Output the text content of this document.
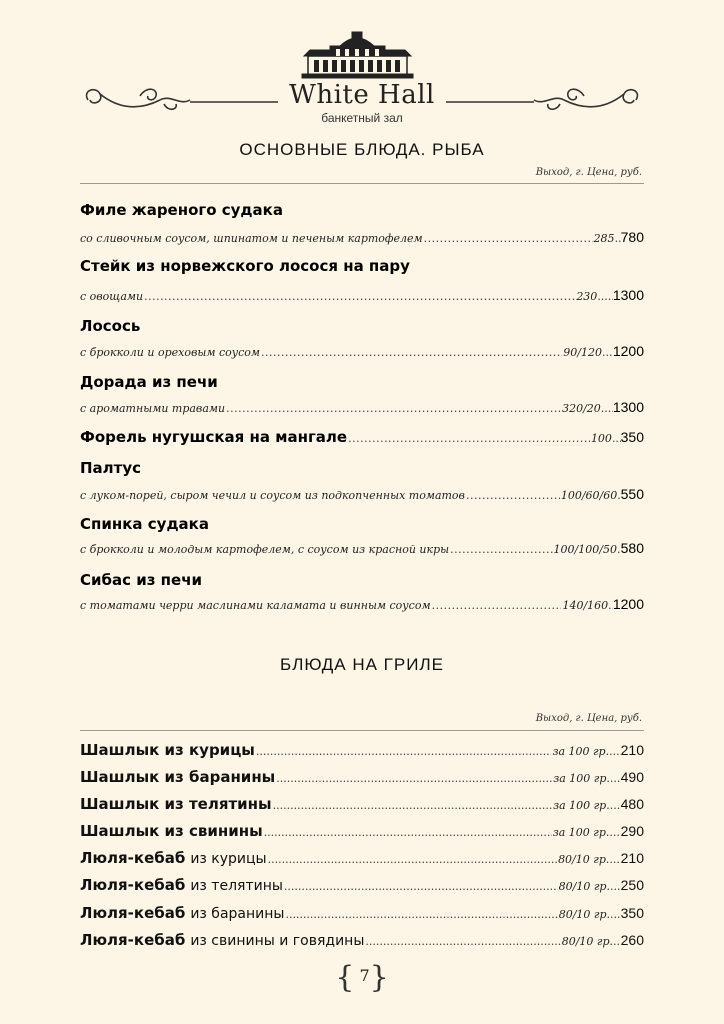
White Hall
банкетный зал
ОСНОВНЫЕ БЛЮДА. РЫБА
Выход, г. Цена, руб.
Филе жареного судака
со сливочным соусом, шпинатом и печеным картофелем .....	285 ..... 780
Стейк из норвежского лосося на пару
с овощами .....	230 ..... 1300
Лосось
с брокколи и ореховым соусом .....	90/120 ..... 1200
Дорада из печи
с ароматными травами .....	320/20 ..... 1300
Форель нугушская на мангале .....	100 ..... 350
Палтус
с луком-порей, сыром чечил и соусом из подкопченных томатов .....	100/60/60 ..... 550
Спинка судака
с брокколи и молодым картофелем, с соусом из красной икры .....	100/100/50 ..... 580
Сибас из печи
с томатами черри маслинами каламата и винным соусом .....	140/160 ..... 1200
БЛЮДА НА ГРИЛЕ
Выход, г. Цена, руб.
Шашлык из курицы .....	за 100 гр. ..... 210
Шашлык из баранины .....	за 100 гр. ..... 490
Шашлык из телятины .....	за 100 гр. ..... 480
Шашлык из свинины .....	за 100 гр. ..... 290
Люля-кебаб из курицы .....	80/10 гр. ..... 210
Люля-кебаб из телятины .....	80/10 гр. ..... 250
Люля-кебаб из баранины .....	80/10 гр. ..... 350
Люля-кебаб из свинины и говядины .....	80/10 гр. ..... 260
{ 7}
